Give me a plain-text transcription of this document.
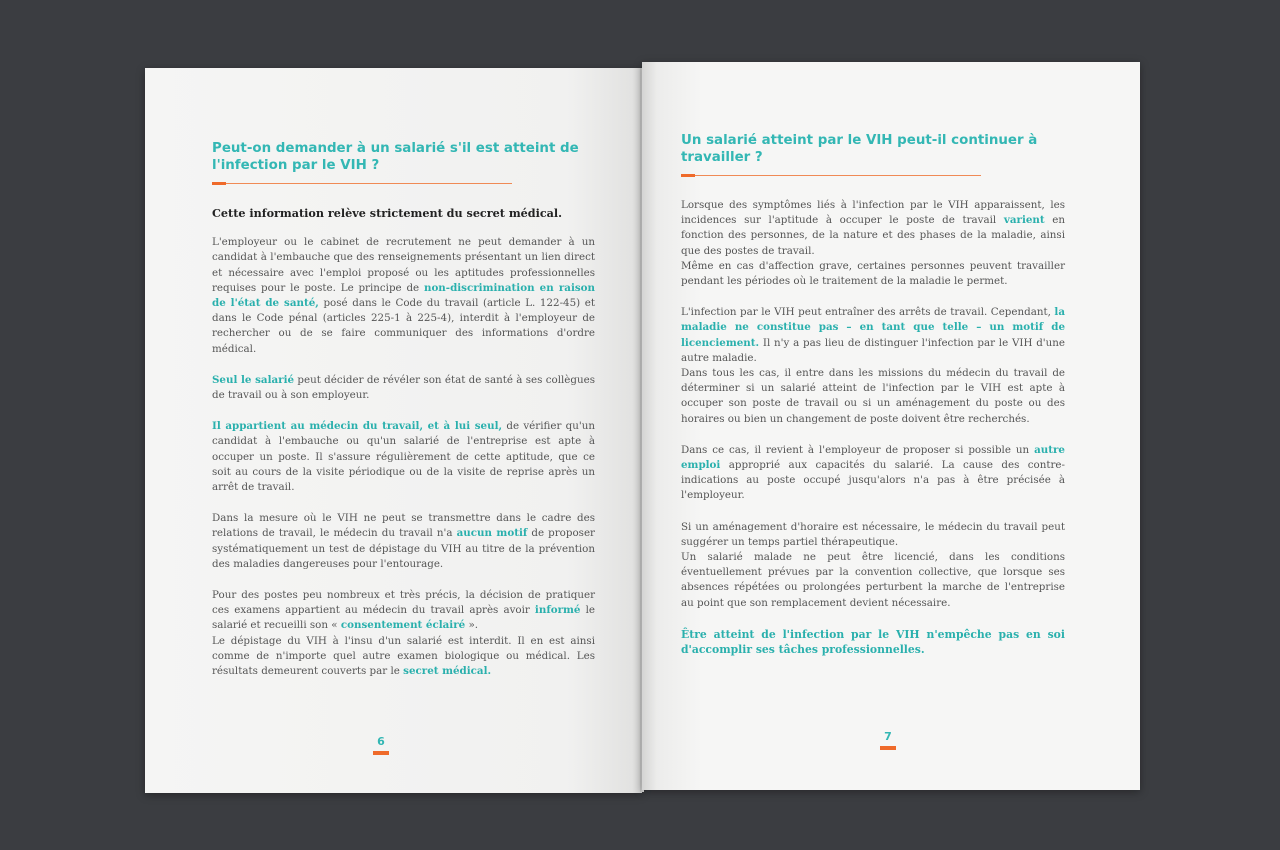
Peut-on demander à un salarié s'il est atteint de l'infection par le VIH ?

Cette information relève strictement du secret médical.

L'employeur ou le cabinet de recrutement ne peut demander à un candidat à l'embauche que des renseignements présentant un lien direct et nécessaire avec l'emploi proposé ou les aptitudes professionnelles requises pour le poste. Le principe de non-discrimination en raison de l'état de santé, posé dans le Code du travail (article L. 122-45) et dans le Code pénal (articles 225-1 à 225-4), interdit à l'employeur de rechercher ou de se faire communiquer des informations d'ordre médical.

Seul le salarié peut décider de révéler son état de santé à ses collègues de travail ou à son employeur.

Il appartient au médecin du travail, et à lui seul, de vérifier qu'un candidat à l'embauche ou qu'un salarié de l'entreprise est apte à occuper un poste. Il s'assure régulièrement de cette aptitude, que ce soit au cours de la visite périodique ou de la visite de reprise après un arrêt de travail.

Dans la mesure où le VIH ne peut se transmettre dans le cadre des relations de travail, le médecin du travail n'a aucun motif de proposer systématiquement un test de dépistage du VIH au titre de la prévention des maladies dangereuses pour l'entourage.

Pour des postes peu nombreux et très précis, la décision de pratiquer ces examens appartient au médecin du travail après avoir informé le salarié et recueilli son « consentement éclairé ».

Le dépistage du VIH à l'insu d'un salarié est interdit. Il en est ainsi comme de n'importe quel autre examen biologique ou médical. Les résultats demeurent couverts par le secret médical.

6
Un salarié atteint par le VIH peut-il continuer à travailler ?

Lorsque des symptômes liés à l'infection par le VIH apparaissent, les incidences sur l'aptitude à occuper le poste de travail varient en fonction des personnes, de la nature et des phases de la maladie, ainsi que des postes de travail.

Même en cas d'affection grave, certaines personnes peuvent travailler pendant les périodes où le traitement de la maladie le permet.

L'infection par le VIH peut entraîner des arrêts de travail. Cependant, la maladie ne constitue pas – en tant que telle – un motif de licenciement. Il n'y a pas lieu de distinguer l'infection par le VIH d'une autre maladie.

Dans tous les cas, il entre dans les missions du médecin du travail de déterminer si un salarié atteint de l'infection par le VIH est apte à occuper son poste de travail ou si un aménagement du poste ou des horaires ou bien un changement de poste doivent être recherchés.

Dans ce cas, il revient à l'employeur de proposer si possible un autre emploi approprié aux capacités du salarié. La cause des contre-indications au poste occupé jusqu'alors n'a pas à être précisée à l'employeur.

Si un aménagement d'horaire est nécessaire, le médecin du travail peut suggérer un temps partiel thérapeutique.

Un salarié malade ne peut être licencié, dans les conditions éventuellement prévues par la convention collective, que lorsque ses absences répétées ou prolongées perturbent la marche de l'entreprise au point que son remplacement devient nécessaire.

Être atteint de l'infection par le VIH n'empêche pas en soi d'accomplir ses tâches professionnelles.

7
